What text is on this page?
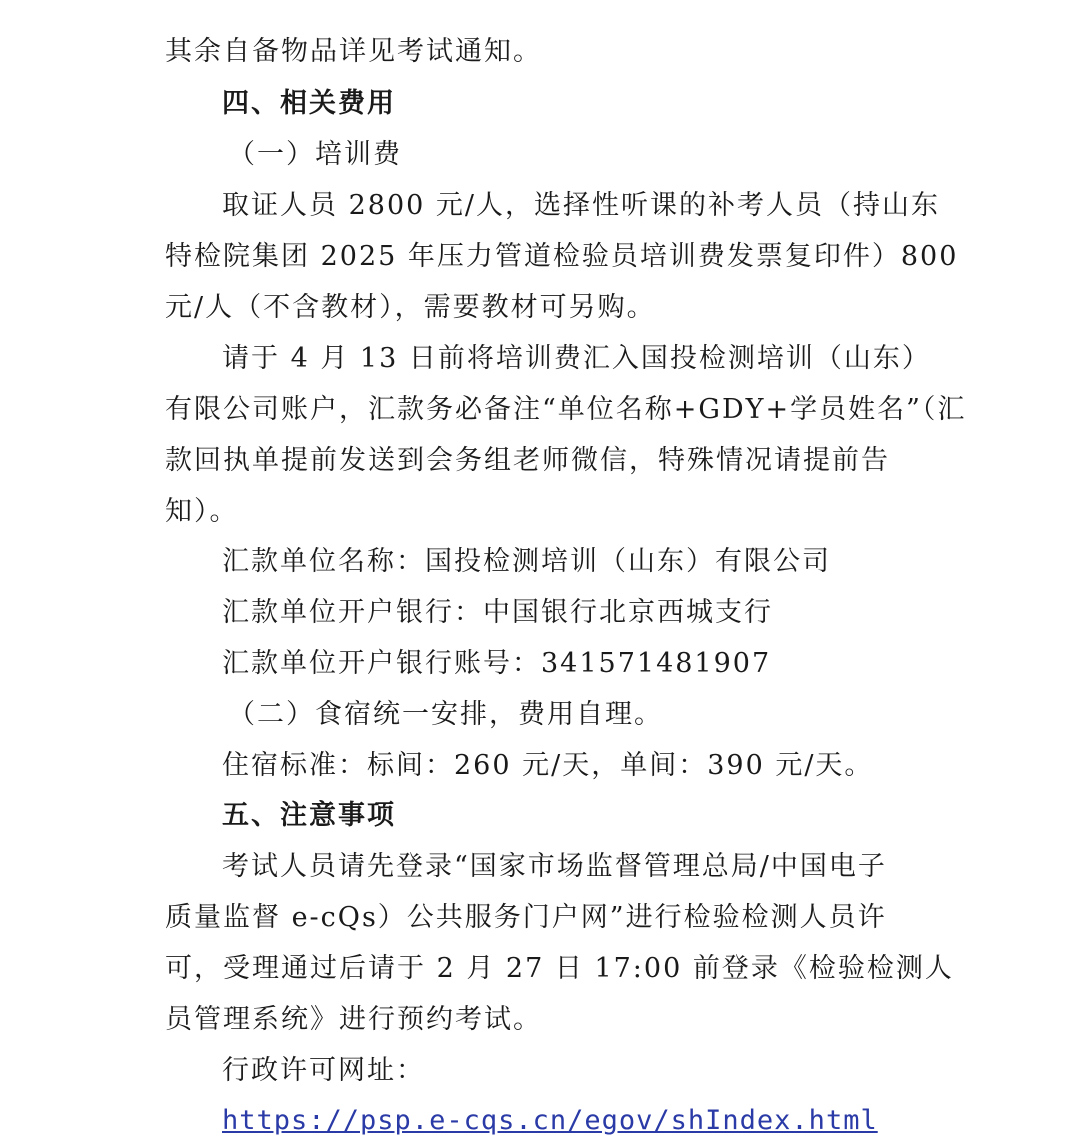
其余自备物品详见考试通知。
四、相关费用
（一）培训费
取证人员 2800 元/人，选择性听课的补考人员（持山东
特检院集团 2025 年压力管道检验员培训费发票复印件）800
元/人（不含教材），需要教材可另购。
请于 4 月 13 日前将培训费汇入国投检测培训（山东）
有限公司账户，汇款务必备注“单位名称+GDY+学员姓名”（汇
款回执单提前发送到会务组老师微信，特殊情况请提前告
知）。
汇款单位名称：国投检测培训（山东）有限公司
汇款单位开户银行：中国银行北京西城支行
汇款单位开户银行账号：341571481907
（二）食宿统一安排，费用自理。
住宿标准：标间：260 元/天，单间：390 元/天。
五、注意事项
考试人员请先登录“国家市场监督管理总局/中国电子
质量监督 e-cQs）公共服务门户网”进行检验检测人员许
可，受理通过后请于 2 月 27 日 17:00 前登录《检验检测人
员管理系统》进行预约考试。
行政许可网址：
https://psp.e-cqs.cn/egov/shIndex.html
